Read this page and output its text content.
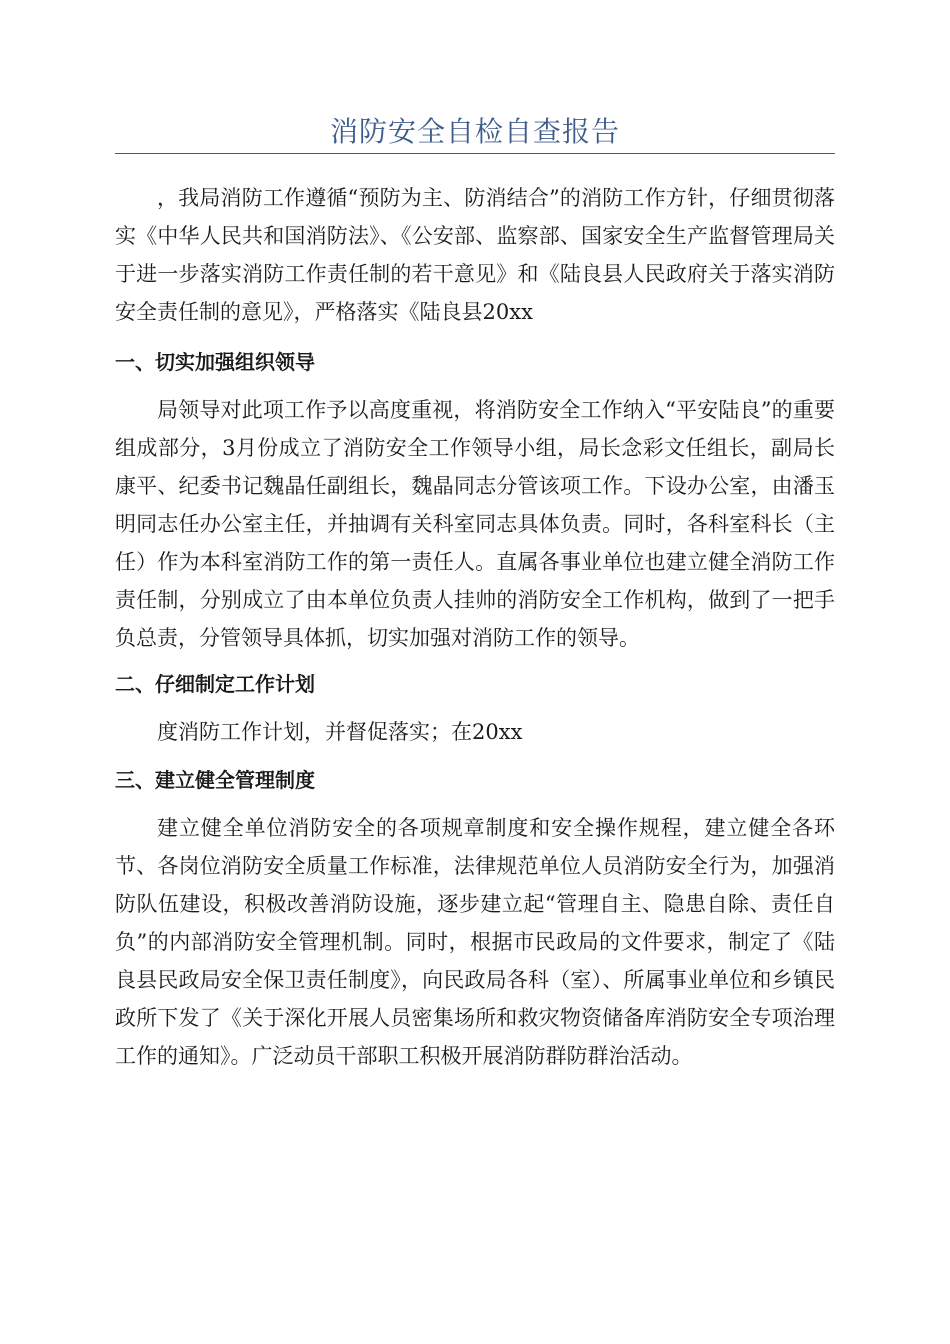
消防安全自检自查报告

，我局消防工作遵循“预防为主、防消结合”的消防工作方针，仔细贯彻落实《中华人民共和国消防法》、《公安部、监察部、国家安全生产监督管理局关于进一步落实消防工作责任制的若干意见》和《陆良县人民政府关于落实消防安全责任制的意见》，严格落实《陆良县20xx

一、切实加强组织领导

局领导对此项工作予以高度重视，将消防安全工作纳入“平安陆良”的重要组成部分，3月份成立了消防安全工作领导小组，局长念彩文任组长，副局长康平、纪委书记魏晶任副组长，魏晶同志分管该项工作。下设办公室，由潘玉明同志任办公室主任，并抽调有关科室同志具体负责。同时，各科室科长（主任）作为本科室消防工作的第一责任人。直属各事业单位也建立健全消防工作责任制，分别成立了由本单位负责人挂帅的消防安全工作机构，做到了一把手负总责，分管领导具体抓，切实加强对消防工作的领导。

二、仔细制定工作计划

度消防工作计划，并督促落实；在20xx

三、建立健全管理制度

建立健全单位消防安全的各项规章制度和安全操作规程，建立健全各环节、各岗位消防安全质量工作标准，法律规范单位人员消防安全行为，加强消防队伍建设，积极改善消防设施，逐步建立起“管理自主、隐患自除、责任自负”的内部消防安全管理机制。同时，根据市民政局的文件要求，制定了《陆良县民政局安全保卫责任制度》，向民政局各科（室）、所属事业单位和乡镇民政所下发了《关于深化开展人员密集场所和救灾物资储备库消防安全专项治理工作的通知》。广泛动员干部职工积极开展消防群防群治活动。
